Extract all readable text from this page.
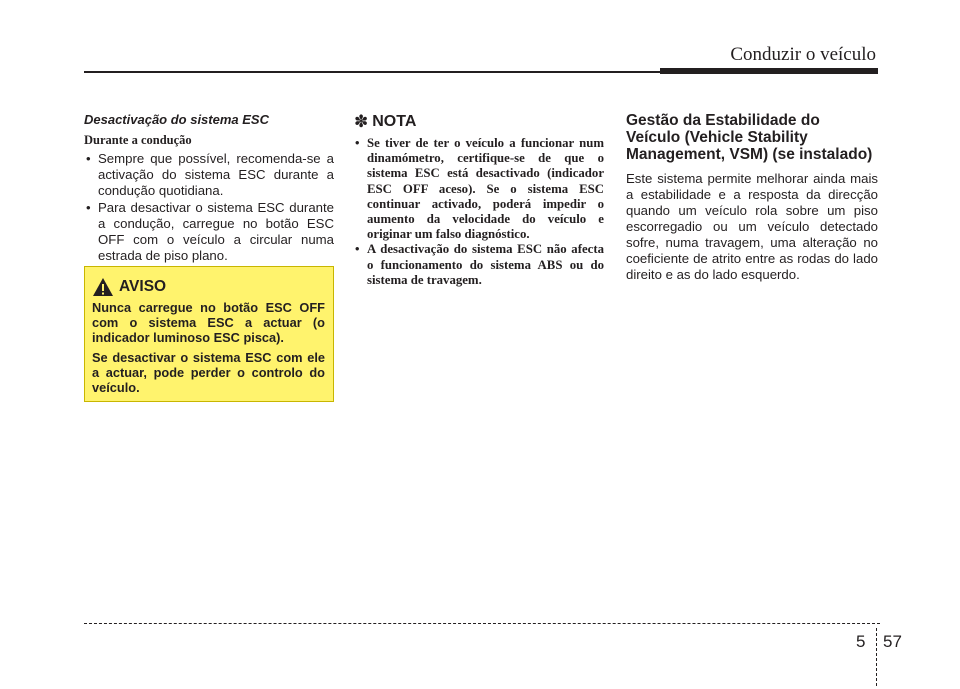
Conduzir o veículo

Desactivação do sistema ESC

Durante a condução

• Sempre que possível, recomenda-se a activação do sistema ESC durante a condução quotidiana.
• Para desactivar o sistema ESC durante a condução, carregue no botão ESC OFF com o veículo a circular numa estrada de piso plano.
AVISO

Nunca carregue no botão ESC OFF com o sistema ESC a actuar (o indicador luminoso ESC pisca).

Se desactivar o sistema ESC com ele a actuar, pode perder o controlo do veículo.

✽ NOTA
• Se tiver de ter o veículo a funcionar num dinamómetro, certifique-se de que o sistema ESC está desactivado (indicador ESC OFF aceso). Se o sistema ESC continuar activado, poderá impedir o aumento da velocidade do veículo e originar um falso diagnóstico.
• A desactivação do sistema ESC não afecta o funcionamento do sistema ABS ou do sistema de travagem.
Gestão da Estabilidade do Veículo (Vehicle Stability Management, VSM) (se instalado)

Este sistema permite melhorar ainda mais a estabilidade e a resposta da direcção quando um veículo rola sobre um piso escorregadio ou um veículo detectado sofre, numa travagem, uma alteração no coeficiente de atrito entre as rodas do lado direito e as do lado esquerdo.

5 57
